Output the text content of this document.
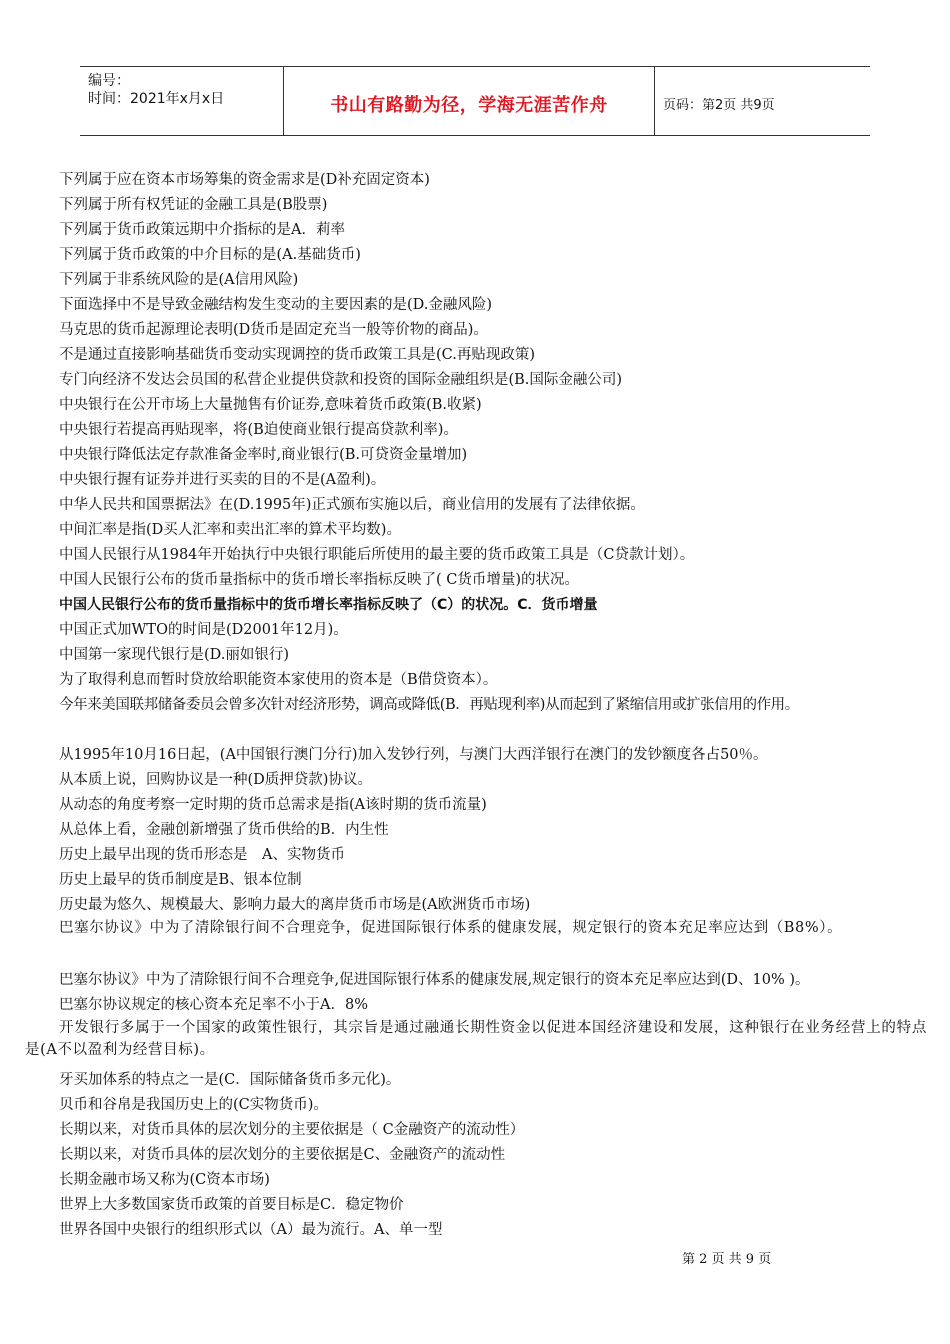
编号：
时间：2021年x月x日	书山有路勤为径，学海无涯苦作舟	页码：第2页 共9页
下列属于应在资本市场筹集的资金需求是(D补充固定资本)
下列属于所有权凭证的金融工具是(B股票)
下列属于货币政策远期中介指标的是A．莉率
下列属于货币政策的中介目标的是(A.基础货币)
下列属于非系统风险的是(A信用风险)
下面选择中不是导致金融结构发生变动的主要因素的是(D.金融风险)
马克思的货币起源理论表明(D货币是固定充当一般等价物的商品)。
不是通过直接影响基础货币变动实现调控的货币政策工具是(C.再贴现政策)
专门向经济不发达会员国的私营企业提供贷款和投资的国际金融组织是(B.国际金融公司)
中央银行在公开市场上大量抛售有价证券,意味着货币政策(B.收紧)
中央银行若提高再贴现率，将(B迫使商业银行提高贷款利率)。
中央银行降低法定存款准备金率时,商业银行(B.可贷资金量增加)
中央银行握有证券并进行买卖的目的不是(A盈利)。
中华人民共和国票据法》在(D.1995年)正式颁布实施以后，商业信用的发展有了法律依据。
中间汇率是指(D买人汇率和卖出汇率的算术平均数)。
中国人民银行从1984年开始执行中央银行职能后所使用的最主要的货币政策工具是（C贷款计划）。
中国人民银行公布的货币量指标中的货币增长率指标反映了( C货币增量)的状况。
中国人民银行公布的货币量指标中的货币增长率指标反映了（C）的状况。C．货币增量
中国正式加WTO的时间是(D2001年12月)。
中国第一家现代银行是(D.丽如银行)
为了取得利息而暂时贷放给职能资本家使用的资本是（B借贷资本）。
今年来美国联邦储备委员会曾多次针对经济形势，调高或降低(B．再贴现利率)从而起到了紧缩信用或扩张信用的作用。
从1995年10月16日起，(A中国银行澳门分行)加入发钞行列，与澳门大西洋银行在澳门的发钞额度各占50％。
从本质上说，回购协议是一种(D质押贷款)协议。
从动态的角度考察一定时期的货币总需求是指(A该时期的货币流量)
从总体上看，金融创新增强了货币供给的B．内生性
历史上最早出现的货币形态是　A、实物货币
历史上最早的货币制度是B、银本位制
历史最为悠久、规模最大、影响力最大的离岸货币市场是(A欧洲货币市场)
巴塞尔协议》中为了清除银行间不合理竞争，促进国际银行体系的健康发展，规定银行的资本充足率应达到（B8%）。
巴塞尔协议》中为了清除银行间不合理竞争,促进国际银行体系的健康发展,规定银行的资本充足率应达到(D、10% )。
巴塞尔协议规定的核心资本充足率不小于A．8%
开发银行多属于一个国家的政策性银行，其宗旨是通过融通长期性资金以促进本国经济建设和发展，这种银行在业务经营上的特点是(A不以盈利为经营目标)。
牙买加体系的特点之一是(C．国际储备货币多元化)。
贝币和谷帛是我国历史上的(C实物货币)。
长期以来，对货币具体的层次划分的主要依据是（ C金融资产的流动性）
长期以来，对货币具体的层次划分的主要依据是C、金融资产的流动性
长期金融市场又称为(C资本市场)
世界上大多数国家货币政策的首要目标是C．稳定物价
世界各国中央银行的组织形式以（A）最为流行。A、单一型
第 2 页 共 9 页
